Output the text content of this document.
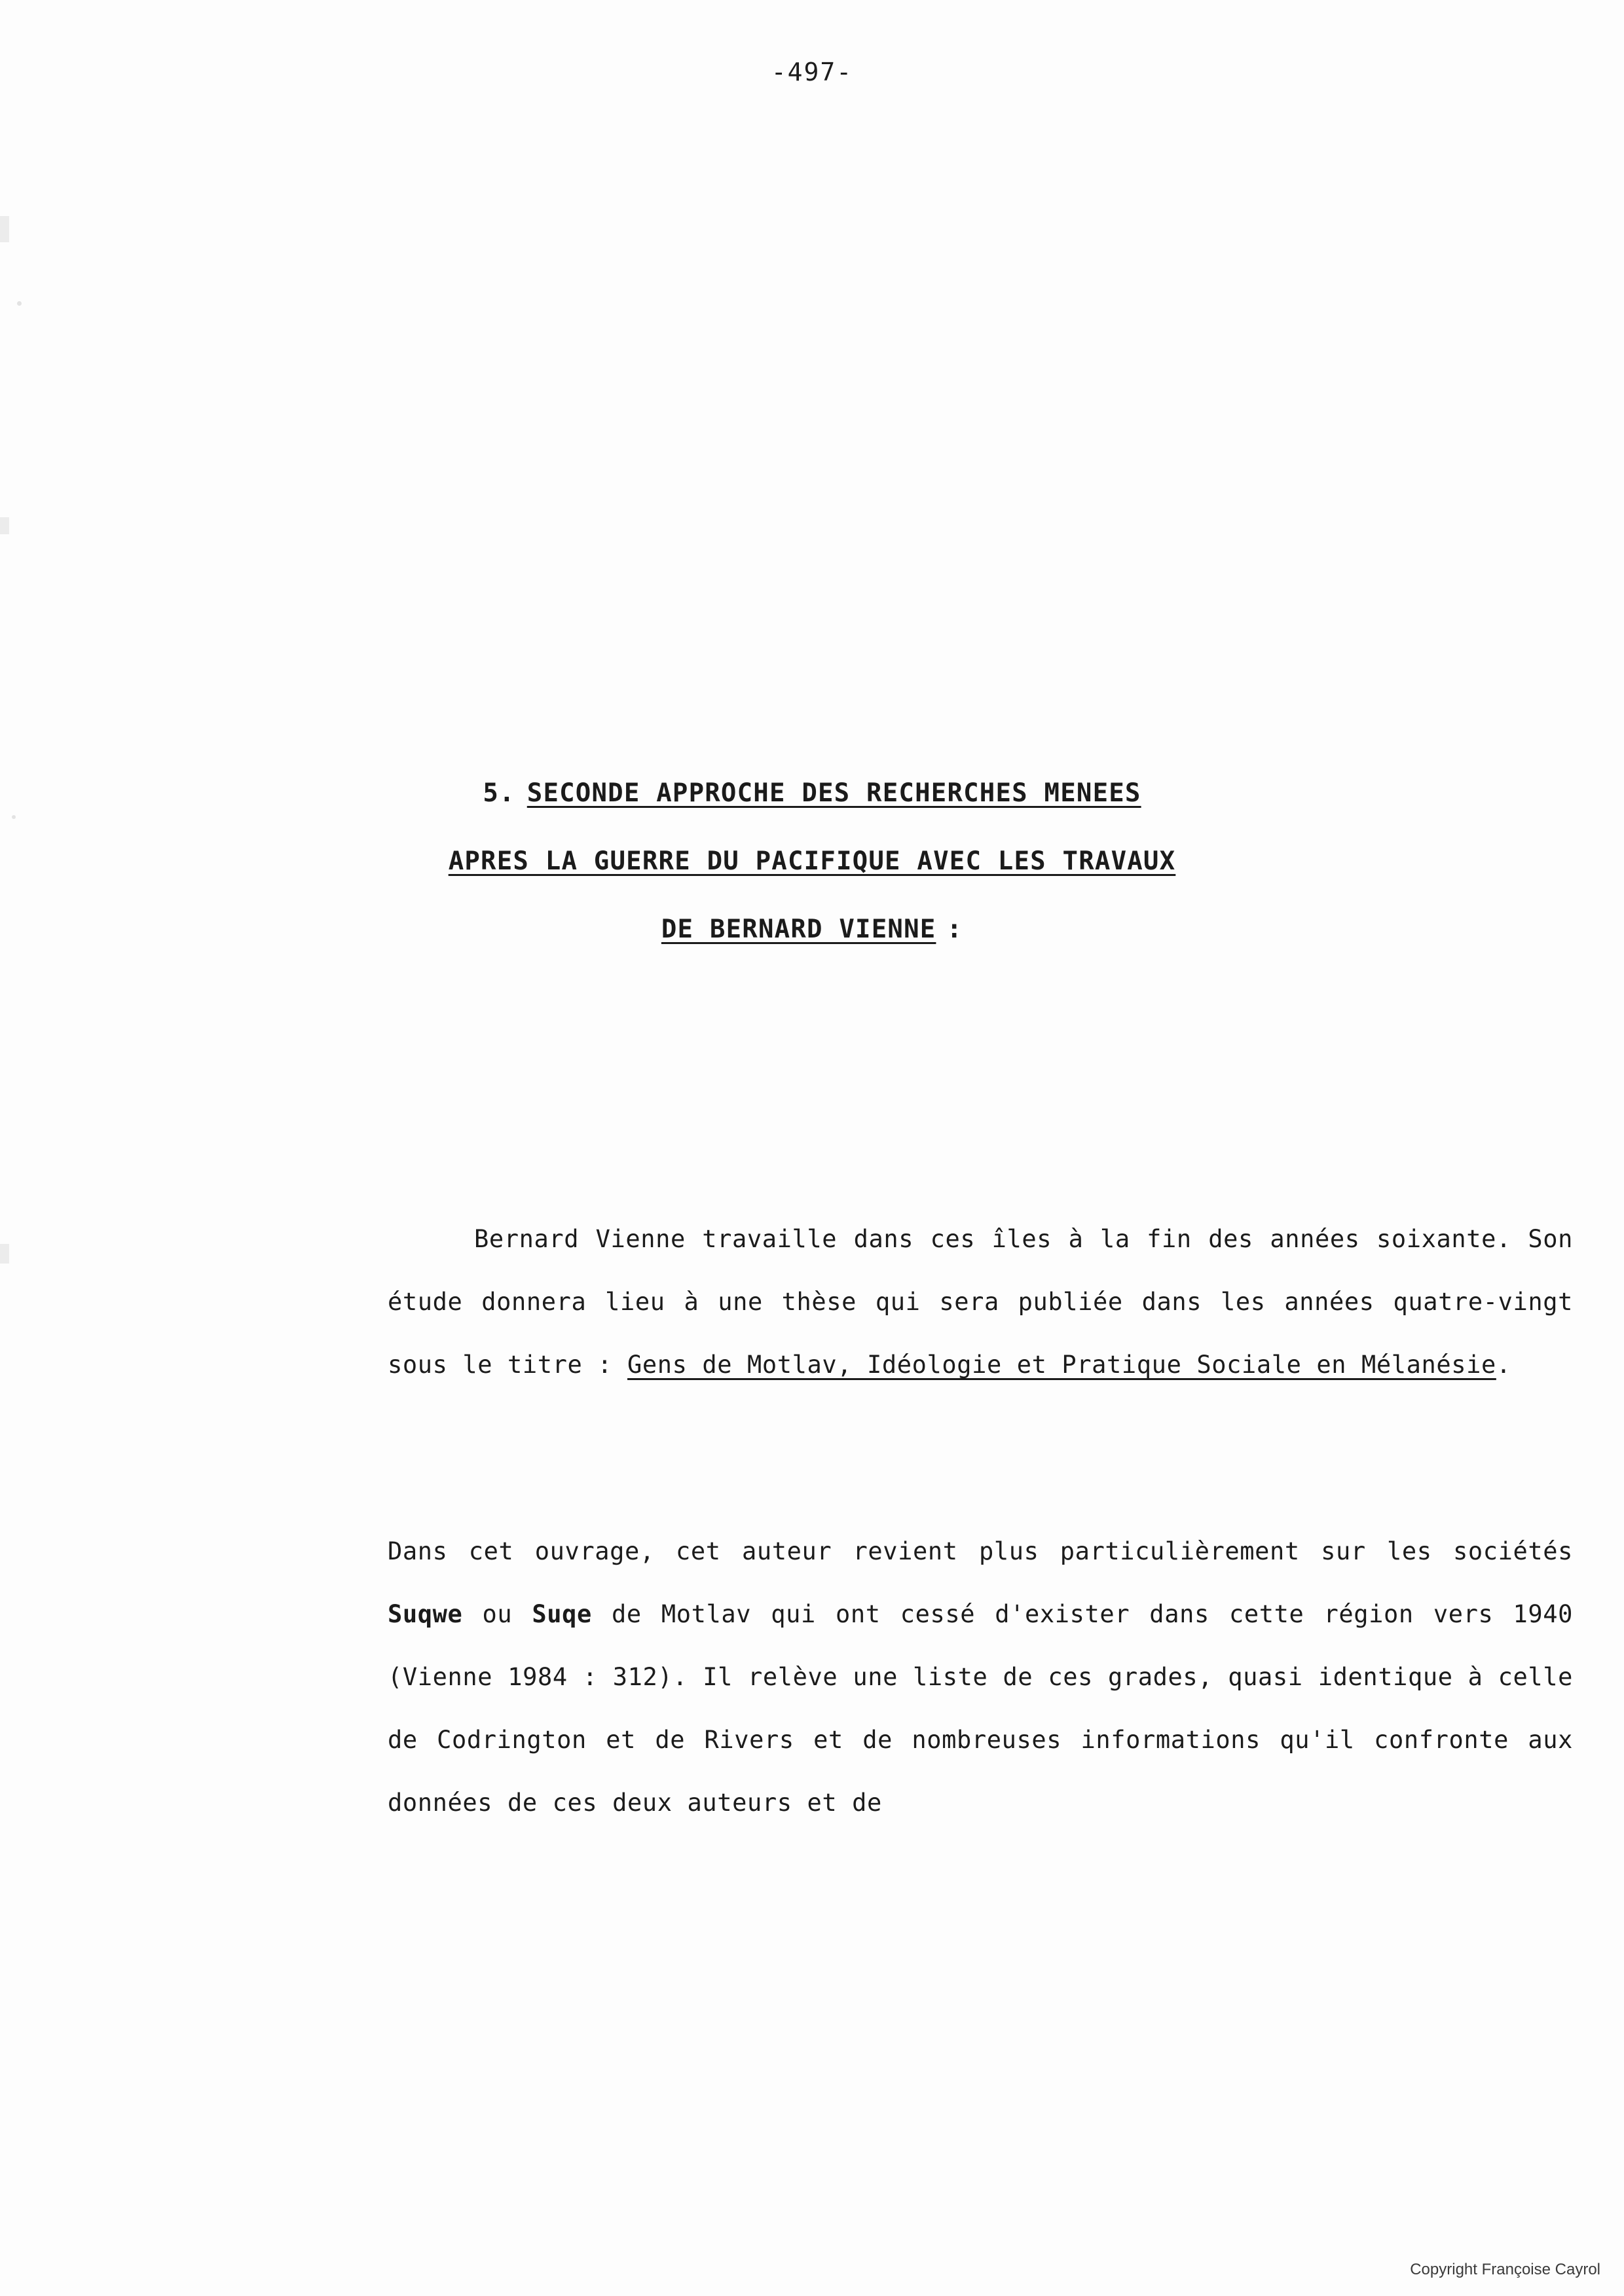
-497-
5. SECONDE APPROCHE DES RECHERCHES MENEES
APRES LA GUERRE DU PACIFIQUE AVEC LES TRAVAUX
DE BERNARD VIENNE :
Bernard Vienne travaille dans ces îles à la fin des années soixante. Son étude donnera lieu à une thèse qui sera publiée dans les années quatre-vingt sous le titre : Gens de Motlav, Idéologie et Pratique Sociale en Mélanésie.
Dans cet ouvrage, cet auteur revient plus particulièrement sur les sociétés Suqwe ou Suqe de Motlav qui ont cessé d'exister dans cette région vers 1940 (Vienne 1984 : 312). Il relève une liste de ces grades, quasi identique à celle de Codrington et de Rivers et de nombreuses informations qu'il confronte aux données de ces deux auteurs et de
Copyright Françoise Cayrol
